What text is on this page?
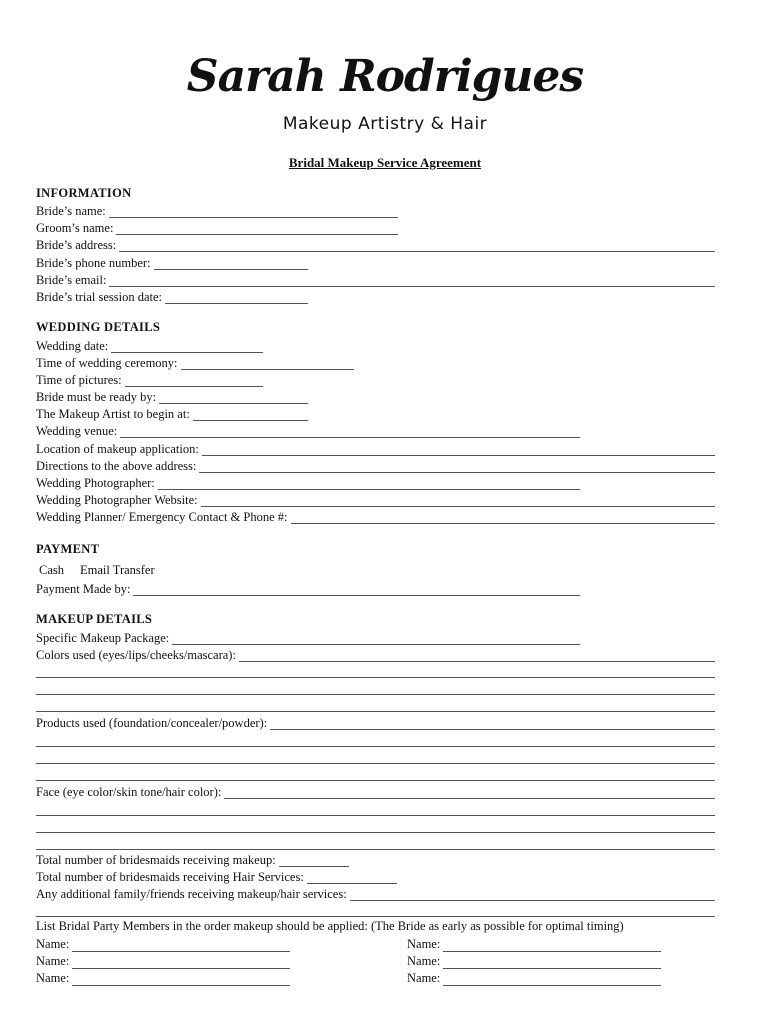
Sarah Rodrigues
Makeup Artistry & Hair
Bridal Makeup Service Agreement
INFORMATION
Bride’s name:
Groom’s name:
Bride’s address:
Bride’s phone number:
Bride’s email:
Bride’s trial session date:
WEDDING DETAILS
Wedding date:
Time of wedding ceremony:
Time of pictures:
Bride must be ready by:
The Makeup Artist to begin at:
Wedding venue:
Location of makeup application:
Directions to the above address:
Wedding Photographer:
Wedding Photographer Website:
Wedding Planner/ Emergency Contact & Phone #:
PAYMENT
Cash Email Transfer
Payment Made by:
MAKEUP DETAILS
Specific Makeup Package:
Colors used (eyes/lips/cheeks/mascara):
Products used (foundation/concealer/powder):
Face (eye color/skin tone/hair color):
Total number of bridesmaids receiving makeup:
Total number of bridesmaids receiving Hair Services:
Any additional family/friends receiving makeup/hair services:
List Bridal Party Members in the order makeup should be applied: (The Bride as early as possible for optimal timing)
Name:	Name:
Name:	Name:
Name:	Name:
